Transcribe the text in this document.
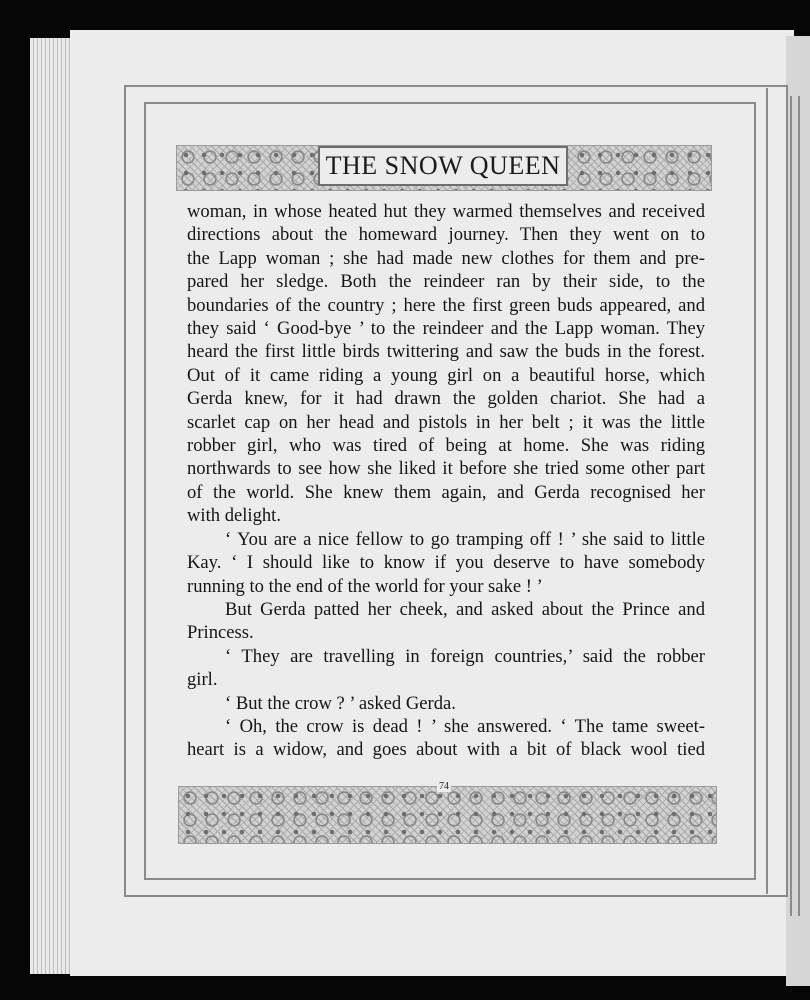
THE SNOW QUEEN
woman, in whose heated hut they warmed themselves and received
directions about the homeward journey. Then they went on to
the Lapp woman ; she had made new clothes for them and pre-
pared her sledge. Both the reindeer ran by their side, to the
boundaries of the country ; here the first green buds appeared, and
they said ‘ Good-bye ’ to the reindeer and the Lapp woman. They
heard the first little birds twittering and saw the buds in the forest.
Out of it came riding a young girl on a beautiful horse, which
Gerda knew, for it had drawn the golden chariot. She had a
scarlet cap on her head and pistols in her belt ; it was the little
robber girl, who was tired of being at home. She was riding
northwards to see how she liked it before she tried some other part
of the world. She knew them again, and Gerda recognised her
with delight.
‘ You are a nice fellow to go tramping off ! ’ she said to little
Kay. ‘ I should like to know if you deserve to have somebody
running to the end of the world for your sake ! ’
But Gerda patted her cheek, and asked about the Prince and
Princess.
‘ They are travelling in foreign countries,’ said the robber
girl.
‘ But the crow ? ’ asked Gerda.
‘ Oh, the crow is dead ! ’ she answered. ‘ The tame sweet-
heart is a widow, and goes about with a bit of black wool tied
74
